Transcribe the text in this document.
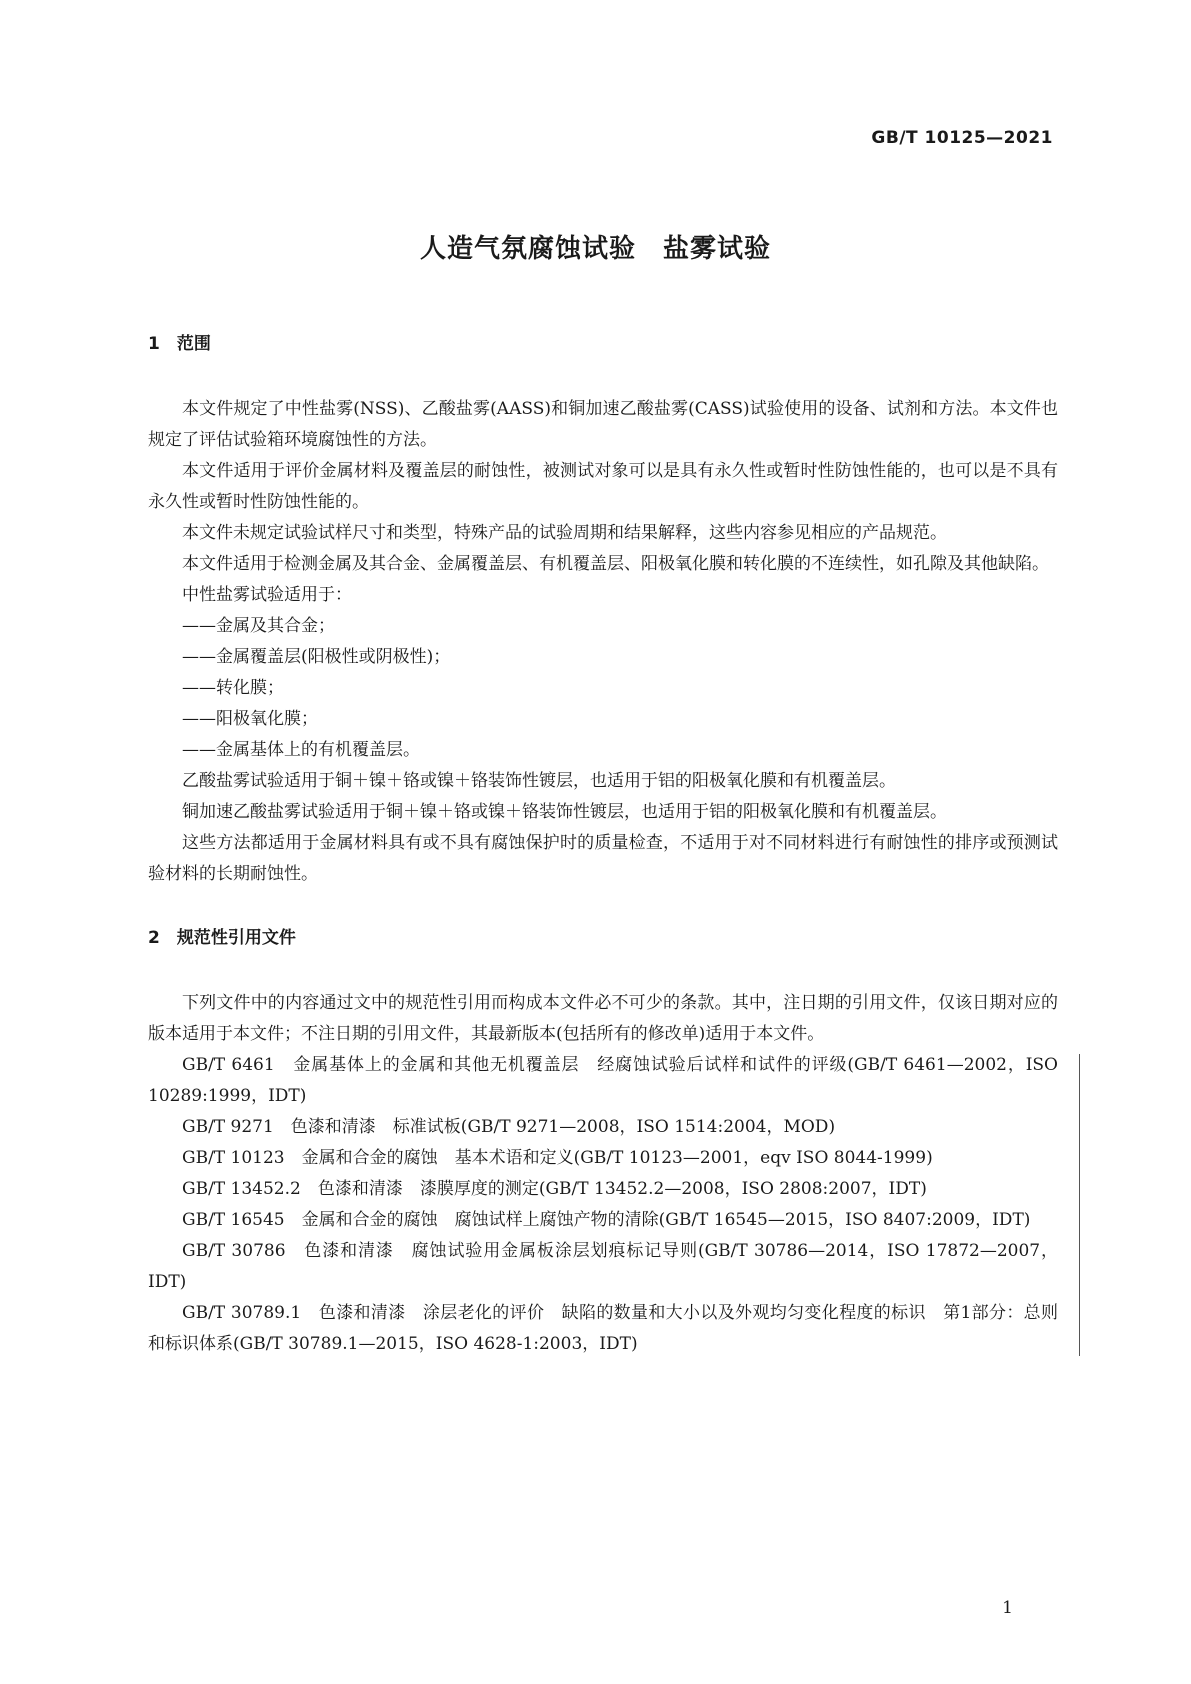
GB/T 10125—2021
人造气氛腐蚀试验　盐雾试验
1　范围

本文件规定了中性盐雾(NSS)、乙酸盐雾(AASS)和铜加速乙酸盐雾(CASS)试验使用的设备、试剂和方法。本文件也规定了评估试验箱环境腐蚀性的方法。

本文件适用于评价金属材料及覆盖层的耐蚀性，被测试对象可以是具有永久性或暂时性防蚀性能的，也可以是不具有永久性或暂时性防蚀性能的。

本文件未规定试验试样尺寸和类型，特殊产品的试验周期和结果解释，这些内容参见相应的产品规范。

本文件适用于检测金属及其合金、金属覆盖层、有机覆盖层、阳极氧化膜和转化膜的不连续性，如孔隙及其他缺陷。

中性盐雾试验适用于：

——金属及其合金；

——金属覆盖层(阳极性或阴极性)；

——转化膜；

——阳极氧化膜；

——金属基体上的有机覆盖层。

乙酸盐雾试验适用于铜＋镍＋铬或镍＋铬装饰性镀层，也适用于铝的阳极氧化膜和有机覆盖层。

铜加速乙酸盐雾试验适用于铜＋镍＋铬或镍＋铬装饰性镀层，也适用于铝的阳极氧化膜和有机覆盖层。

这些方法都适用于金属材料具有或不具有腐蚀保护时的质量检查，不适用于对不同材料进行有耐蚀性的排序或预测试验材料的长期耐蚀性。

2　规范性引用文件

下列文件中的内容通过文中的规范性引用而构成本文件必不可少的条款。其中，注日期的引用文件，仅该日期对应的版本适用于本文件；不注日期的引用文件，其最新版本(包括所有的修改单)适用于本文件。

GB/T 6461　金属基体上的金属和其他无机覆盖层　经腐蚀试验后试样和试件的评级(GB/T 6461—2002，ISO 10289:1999，IDT)

GB/T 9271　色漆和清漆　标准试板(GB/T 9271—2008，ISO 1514:2004，MOD)

GB/T 10123　金属和合金的腐蚀　基本术语和定义(GB/T 10123—2001，eqv ISO 8044-1999)

GB/T 13452.2　色漆和清漆　漆膜厚度的测定(GB/T 13452.2—2008，ISO 2808:2007，IDT)

GB/T 16545　金属和合金的腐蚀　腐蚀试样上腐蚀产物的清除(GB/T 16545—2015，ISO 8407:2009，IDT)

GB/T 30786　色漆和清漆　腐蚀试验用金属板涂层划痕标记导则(GB/T 30786—2014，ISO 17872—2007，IDT)

GB/T 30789.1　色漆和清漆　涂层老化的评价　缺陷的数量和大小以及外观均匀变化程度的标识　第1部分：总则和标识体系(GB/T 30789.1—2015，ISO 4628-1:2003，IDT)

1
